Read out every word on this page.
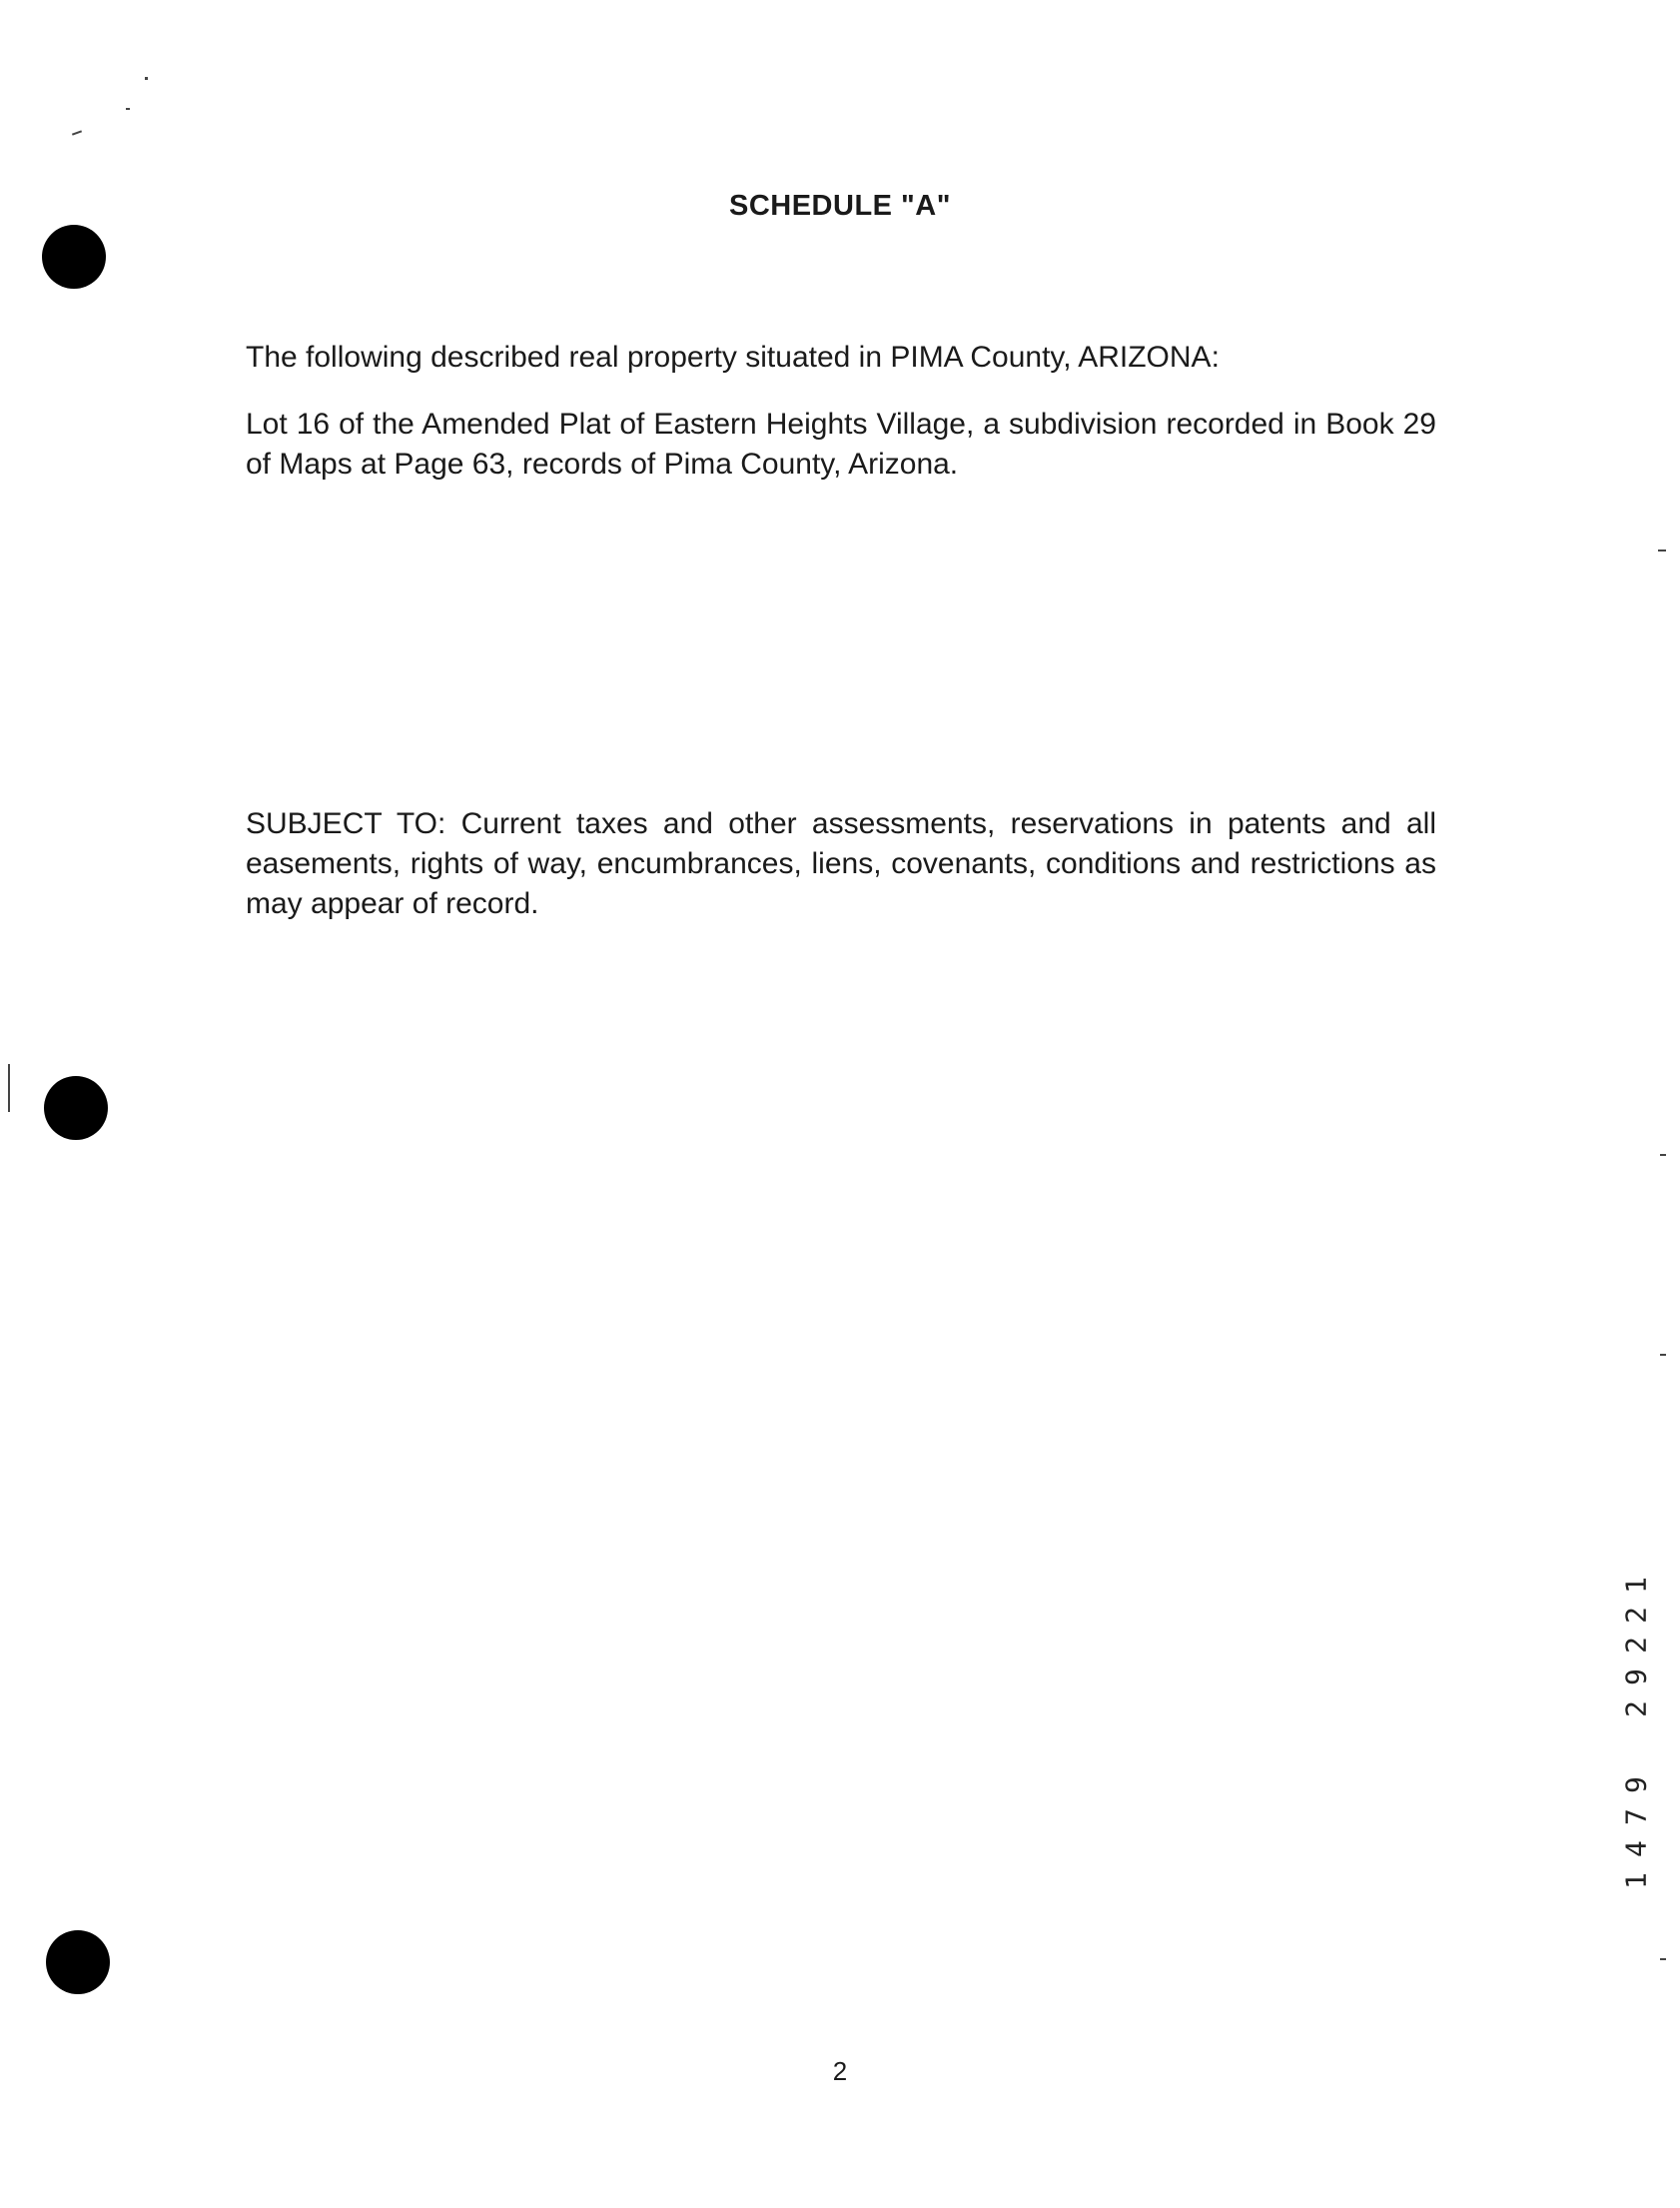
SCHEDULE "A"
The following described real property situated in PIMA County, ARIZONA:
Lot 16 of the Amended Plat of Eastern Heights Village, a subdivision recorded in Book 29 of Maps at Page 63, records of Pima County, Arizona.
SUBJECT TO: Current taxes and other assessments, reservations in patents and all easements, rights of way, encumbrances, liens, covenants, conditions and restrictions as may appear of record.
1
2
2
9
2
9
7
4
1
2
